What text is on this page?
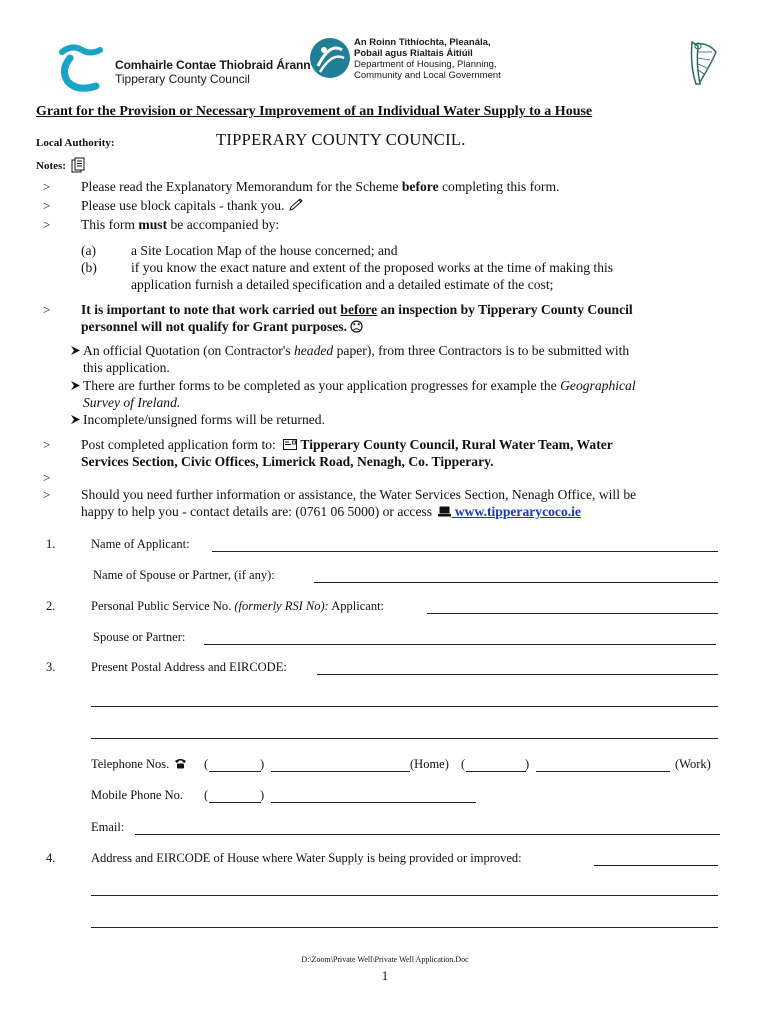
Comhairle Contae Thiobraid Árann
Tipperary County Council
An Roinn Tithíochta, Pleanála,
Pobail agus Rialtais Áitiúil
Department of Housing, Planning,
Community and Local Government
Grant for the Provision or Necessary Improvement of an Individual Water Supply to a House
Local Authority:	TIPPERARY COUNTY COUNCIL.
Notes:
> Please read the Explanatory Memorandum for the Scheme before completing this form.
> Please use block capitals - thank you.
> This form must be accompanied by:
(a)	a Site Location Map of the house concerned; and
(b)	if you know the exact nature and extent of the proposed works at the time of making this
application furnish a detailed specification and a detailed estimate of the cost;
> It is important to note that work carried out before an inspection by Tipperary County Council
personnel will not qualify for Grant purposes.
An official Quotation (on Contractor's headed paper), from three Contractors is to be submitted with
this application.
There are further forms to be completed as your application progresses for example the Geographical
Survey of Ireland.
Incomplete/unsigned forms will be returned.
> Post completed application form to:  Tipperary County Council, Rural Water Team, Water
Services Section, Civic Offices, Limerick Road, Nenagh, Co. Tipperary.
>
> Should you need further information or assistance, the Water Services Section, Nenagh Office, will be
happy to help you - contact details are: (0761 06 5000) or access  www.tipperarycoco.ie
1.	Name of Applicant:
Name of Spouse or Partner, (if any):
2.	Personal Public Service No. (formerly RSI No): Applicant:
Spouse or Partner:
3.	Present Postal Address and EIRCODE:
Telephone Nos.	(	)	(Home) (	)	(Work)
Mobile Phone No. (	)
Email:
4.	Address and EIRCODE of House where Water Supply is being provided or improved:
D:\Zoom\Private Well\Private Well Application.Doc
1
